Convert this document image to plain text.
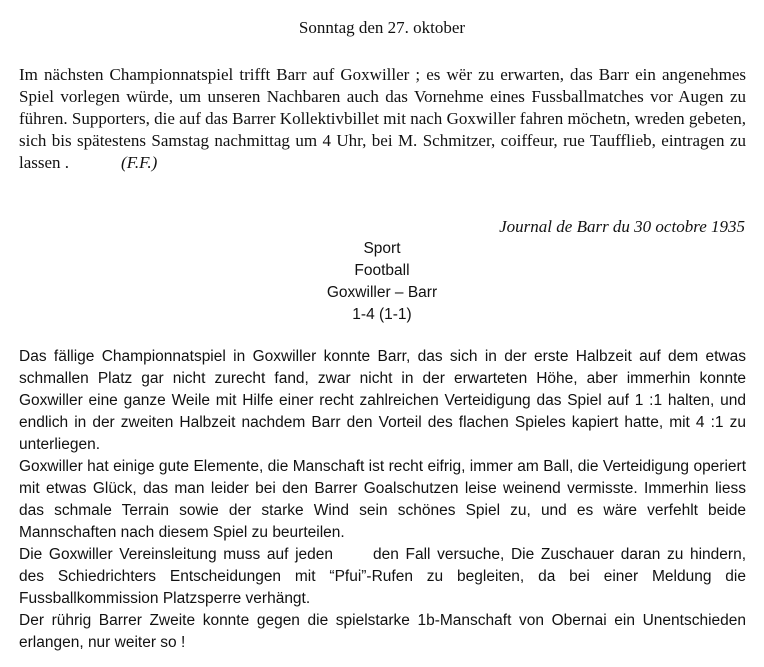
Sonntag den 27. oktober

Im nächsten Championnatspiel trifft Barr auf Goxwiller ; es wër zu erwarten, das Barr ein angenehmes Spiel vorlegen würde, um unseren Nachbaren auch das Vornehme eines Fussballmatches vor Augen zu führen. Supporters, die auf das Barrer Kollektivbillet mit nach Goxwiller fahren möchetn, wreden gebeten, sich bis spätestens Samstag nachmittag um 4 Uhr, bei M. Schmitzer, coiffeur, rue Taufflieb, eintragen zu lassen .	(F.F.)

Journal de Barr du 30 octobre 1935
Sport
Football
Goxwiller – Barr
1-4 (1-1)

Das fällige Championnatspiel in Goxwiller konnte Barr, das sich in der erste Halbzeit auf dem etwas schmallen Platz gar nicht zurecht fand, zwar nicht in der erwarteten Höhe, aber immerhin konnte Goxwiller eine ganze Weile mit Hilfe einer recht zahlreichen Verteidigung das Spiel auf 1 :1 halten, und endlich in der zweiten Halbzeit nachdem Barr den Vorteil des flachen Spieles kapiert hatte, mit 4 :1 zu unterliegen.

Goxwiller hat einige gute Elemente, die Manschaft ist recht eifrig, immer am Ball, die Verteidigung operiert mit etwas Glück, das man leider bei den Barrer Goalschutzen leise weinend vermisste. Immerhin liess das schmale Terrain sowie der starke Wind sein schönes Spiel zu, und es wäre verfehlt beide Mannschaften nach diesem Spiel zu beurteilen.

Die Goxwiller Vereinsleitung muss auf jeden	den Fall versuche, Die Zuschauer daran zu hindern, des Schiedrichters Entscheidungen mit “Pfui”-Rufen zu begleiten, da bei einer Meldung die Fussballkommission Platzsperre verhängt.

Der rührig Barrer Zweite konnte gegen die spielstarke 1b-Manschaft von Obernai ein Unentschieden erlangen, nur weiter so !
